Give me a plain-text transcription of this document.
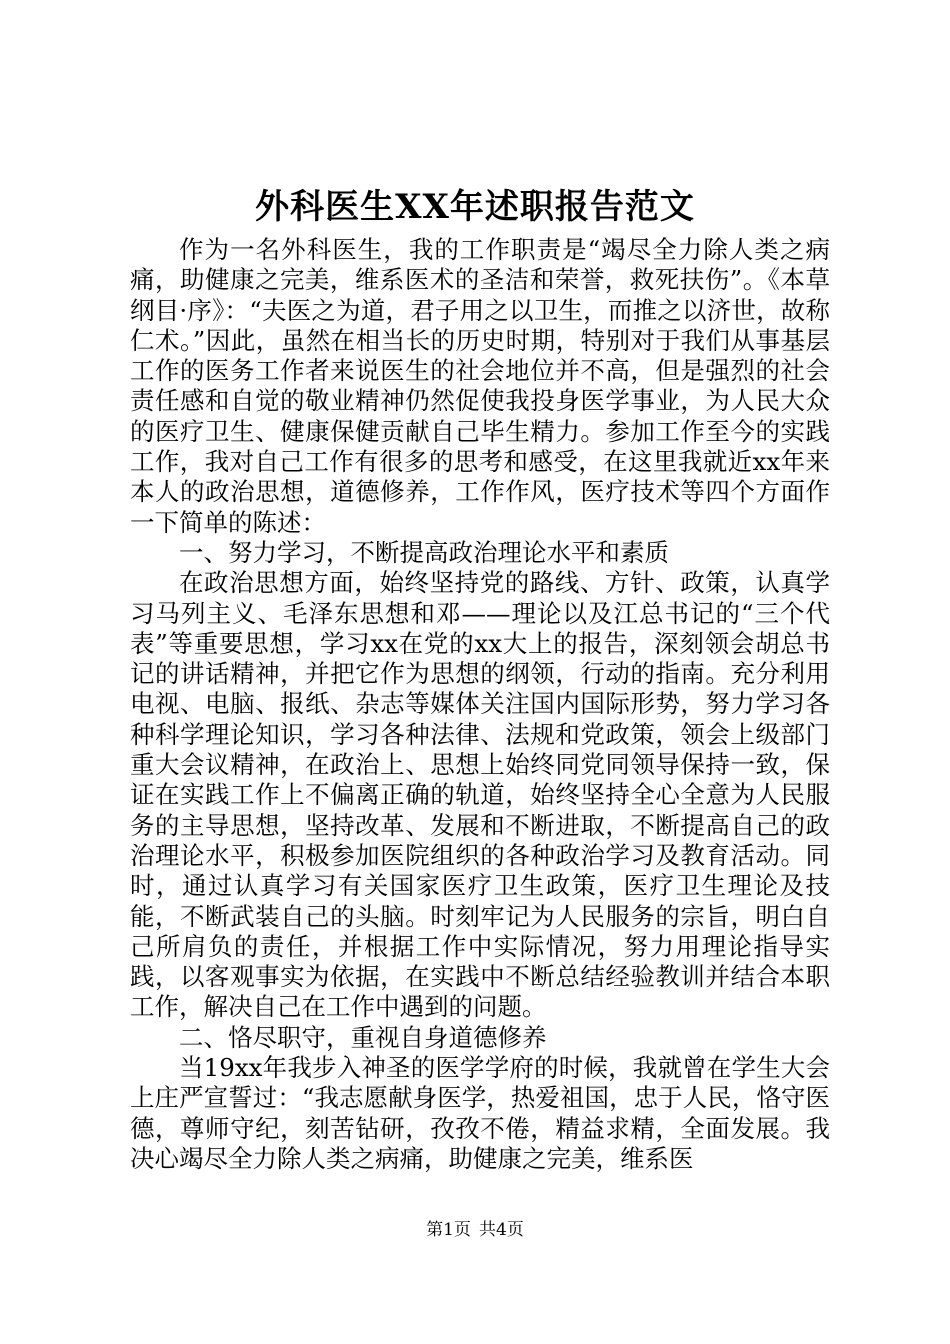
外科医生XX年述职报告范文

作为一名外科医生，我的工作职责是“竭尽全力除人类之病痛，助健康之完美，维系医术的圣洁和荣誉，救死扶伤”。《本草纲目·序》：“夫医之为道，君子用之以卫生，而推之以济世，故称仁术。”因此，虽然在相当长的历史时期，特别对于我们从事基层工作的医务工作者来说医生的社会地位并不高，但是强烈的社会责任感和自觉的敬业精神仍然促使我投身医学事业，为人民大众的医疗卫生、健康保健贡献自己毕生精力。参加工作至今的实践工作，我对自己工作有很多的思考和感受，在这里我就近xx年来本人的政治思想，道德修养，工作作风，医疗技术等四个方面作一下简单的陈述：

一、努力学习，不断提高政治理论水平和素质

在政治思想方面，始终坚持党的路线、方针、政策，认真学习马列主义、毛泽东思想和邓——理论以及江总书记的“三个代表”等重要思想，学习xx在党的xx大上的报告，深刻领会胡总书记的讲话精神，并把它作为思想的纲领，行动的指南。充分利用电视、电脑、报纸、杂志等媒体关注国内国际形势，努力学习各种科学理论知识，学习各种法律、法规和党政策，领会上级部门重大会议精神，在政治上、思想上始终同党同领导保持一致，保证在实践工作上不偏离正确的轨道，始终坚持全心全意为人民服务的主导思想，坚持改革、发展和不断进取，不断提高自己的政治理论水平，积极参加医院组织的各种政治学习及教育活动。同时，通过认真学习有关国家医疗卫生政策，医疗卫生理论及技能，不断武装自己的头脑。时刻牢记为人民服务的宗旨，明白自己所肩负的责任，并根据工作中实际情况，努力用理论指导实践，以客观事实为依据，在实践中不断总结经验教训并结合本职工作，解决自己在工作中遇到的问题。

二、恪尽职守，重视自身道德修养

当19xx年我步入神圣的医学学府的时候，我就曾在学生大会上庄严宣誓过：“我志愿献身医学，热爱祖国，忠于人民，恪守医德，尊师守纪，刻苦钻研，孜孜不倦，精益求精，全面发展。我决心竭尽全力除人类之病痛，助健康之完美，维系医

第1页 共4页
